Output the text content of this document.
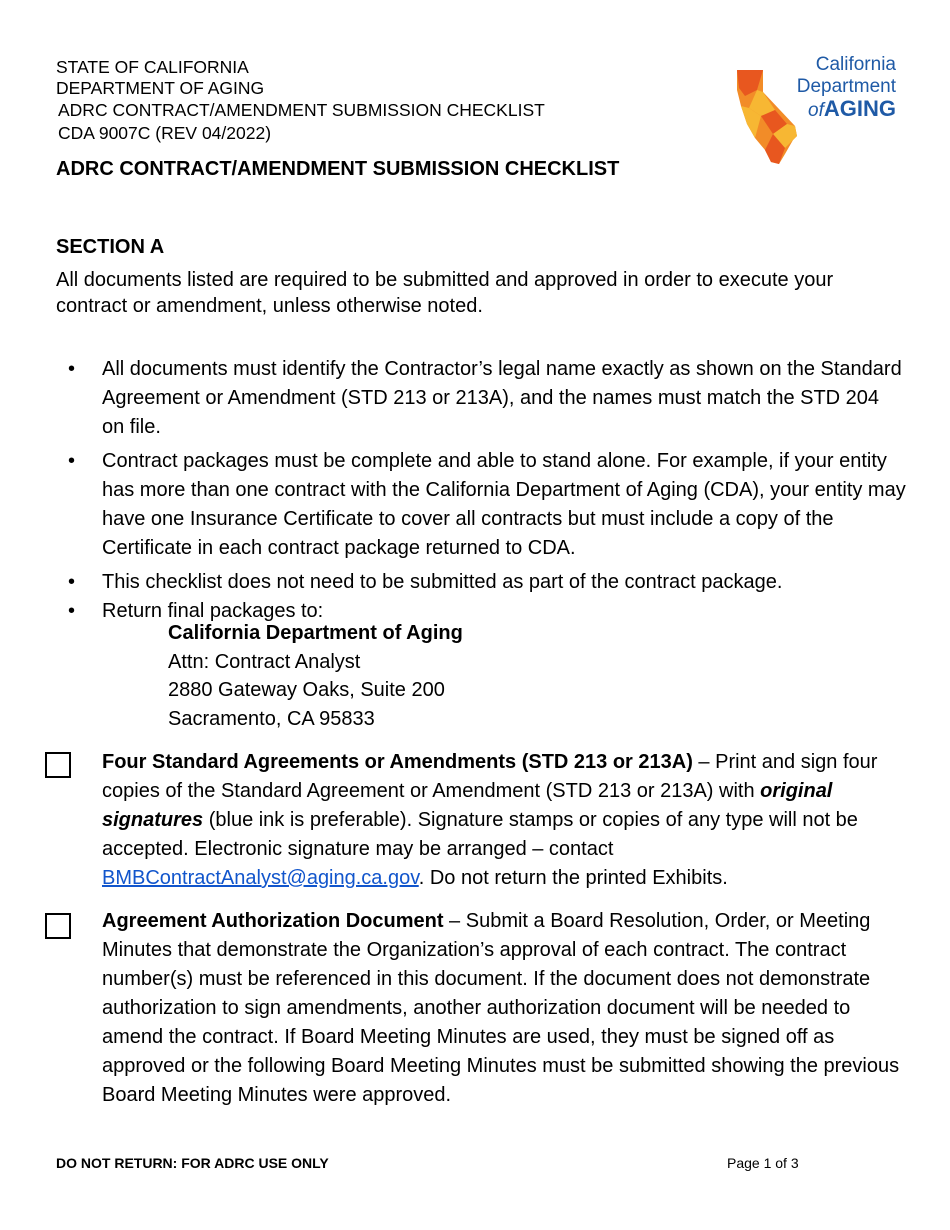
STATE OF CALIFORNIA
DEPARTMENT OF AGING
ADRC CONTRACT/AMENDMENT SUBMISSION CHECKLIST
CDA 9007C (REV 04/2022)
California
Department
ofAGING
ADRC CONTRACT/AMENDMENT SUBMISSION CHECKLIST
SECTION A
All documents listed are required to be submitted and approved in order to execute your contract or amendment, unless otherwise noted.
• All documents must identify the Contractor’s legal name exactly as shown on the Standard Agreement or Amendment (STD 213 or 213A), and the names must match the STD 204 on file.
• Contract packages must be complete and able to stand alone. For example, if your entity has more than one contract with the California Department of Aging (CDA), your entity may have one Insurance Certificate to cover all contracts but must include a copy of the Certificate in each contract package returned to CDA.
• This checklist does not need to be submitted as part of the contract package.
• Return final packages to:
California Department of Aging
Attn: Contract Analyst
2880 Gateway Oaks, Suite 200
Sacramento, CA 95833
Four Standard Agreements or Amendments (STD 213 or 213A) – Print and sign four copies of the Standard Agreement or Amendment (STD 213 or 213A) with original signatures (blue ink is preferable). Signature stamps or copies of any type will not be accepted. Electronic signature may be arranged – contact BMBContractAnalyst@aging.ca.gov. Do not return the printed Exhibits.
Agreement Authorization Document – Submit a Board Resolution, Order, or Meeting Minutes that demonstrate the Organization’s approval of each contract. The contract number(s) must be referenced in this document. If the document does not demonstrate authorization to sign amendments, another authorization document will be needed to amend the contract. If Board Meeting Minutes are used, they must be signed off as approved or the following Board Meeting Minutes must be submitted showing the previous Board Meeting Minutes were approved.
DO NOT RETURN: FOR ADRC USE ONLY	Page 1 of 3
